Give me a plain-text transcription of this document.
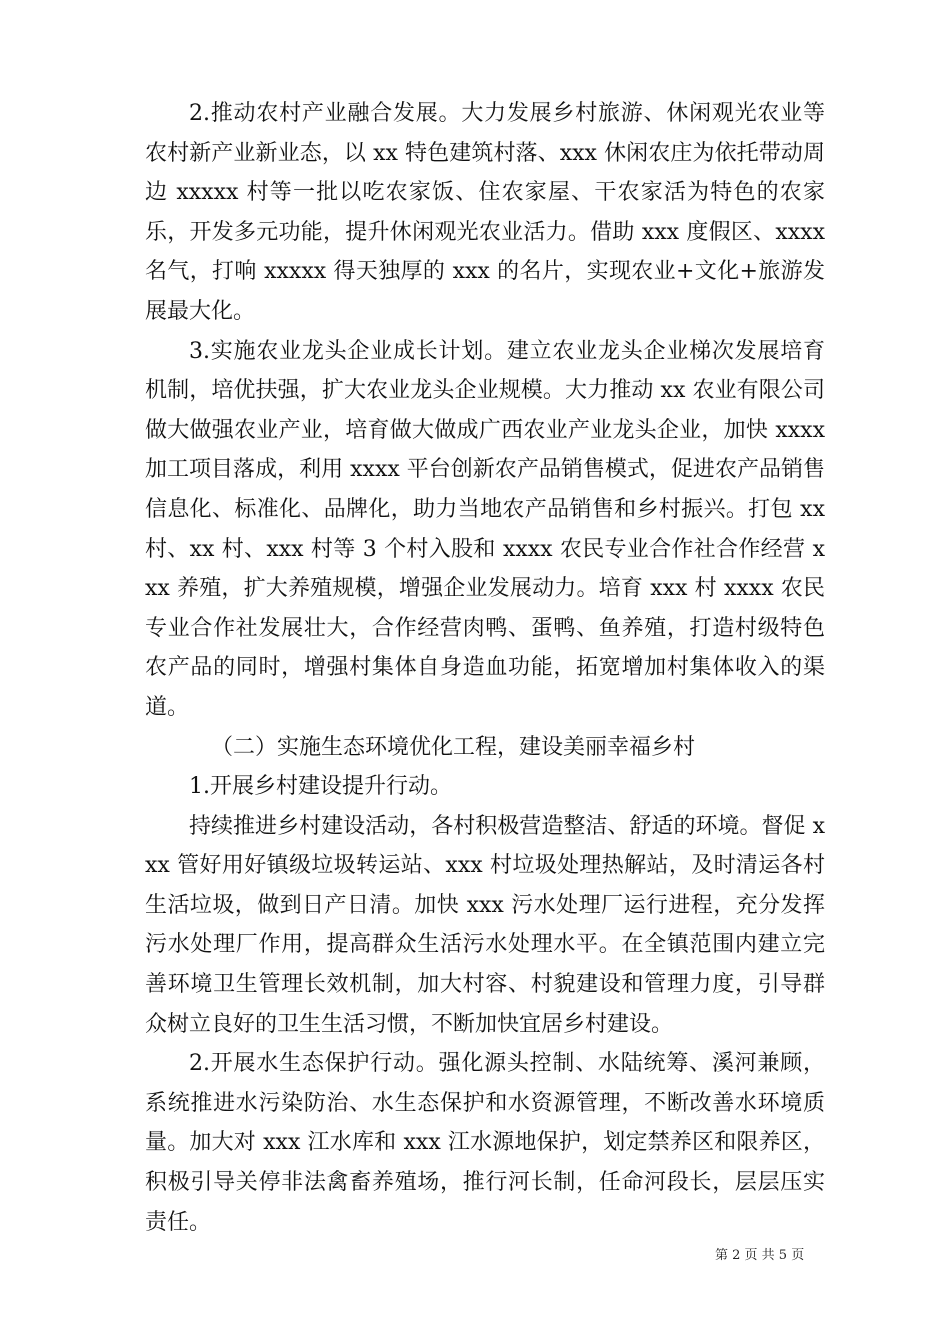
2.推动农村产业融合发展。大力发展乡村旅游、休闲观光农业等农村新产业新业态，以 xx 特色建筑村落、xxx 休闲农庄为依托带动周边 xxxxx 村等一批以吃农家饭、住农家屋、干农家活为特色的农家乐，开发多元功能，提升休闲观光农业活力。借助 xxx 度假区、xxxx 名气，打响 xxxxx 得天独厚的 xxx 的名片，实现农业+文化+旅游发展最大化。

3.实施农业龙头企业成长计划。建立农业龙头企业梯次发展培育机制，培优扶强，扩大农业龙头企业规模。大力推动 xx 农业有限公司做大做强农业产业，培育做大做成广西农业产业龙头企业，加快 xxxx 加工项目落成，利用 xxxx 平台创新农产品销售模式，促进农产品销售信息化、标准化、品牌化，助力当地农产品销售和乡村振兴。打包 xx 村、xx 村、xxx 村等 3 个村入股和 xxxx 农民专业合作社合作经营 xxx 养殖，扩大养殖规模，增强企业发展动力。培育 xxx 村 xxxx 农民专业合作社发展壮大，合作经营肉鸭、蛋鸭、鱼养殖，打造村级特色农产品的同时，增强村集体自身造血功能，拓宽增加村集体收入的渠道。

（二）实施生态环境优化工程，建设美丽幸福乡村

1.开展乡村建设提升行动。

持续推进乡村建设活动，各村积极营造整洁、舒适的环境。督促 xxx 管好用好镇级垃圾转运站、xxx 村垃圾处理热解站，及时清运各村生活垃圾，做到日产日清。加快 xxx 污水处理厂运行进程，充分发挥污水处理厂作用，提高群众生活污水处理水平。在全镇范围内建立完善环境卫生管理长效机制，加大村容、村貌建设和管理力度，引导群众树立良好的卫生生活习惯，不断加快宜居乡村建设。

2.开展水生态保护行动。强化源头控制、水陆统筹、溪河兼顾，系统推进水污染防治、水生态保护和水资源管理，不断改善水环境质量。加大对 xxx 江水库和 xxx 江水源地保护，划定禁养区和限养区，积极引导关停非法禽畜养殖场，推行河长制，任命河段长，层层压实责任。

第 2 页 共 5 页
